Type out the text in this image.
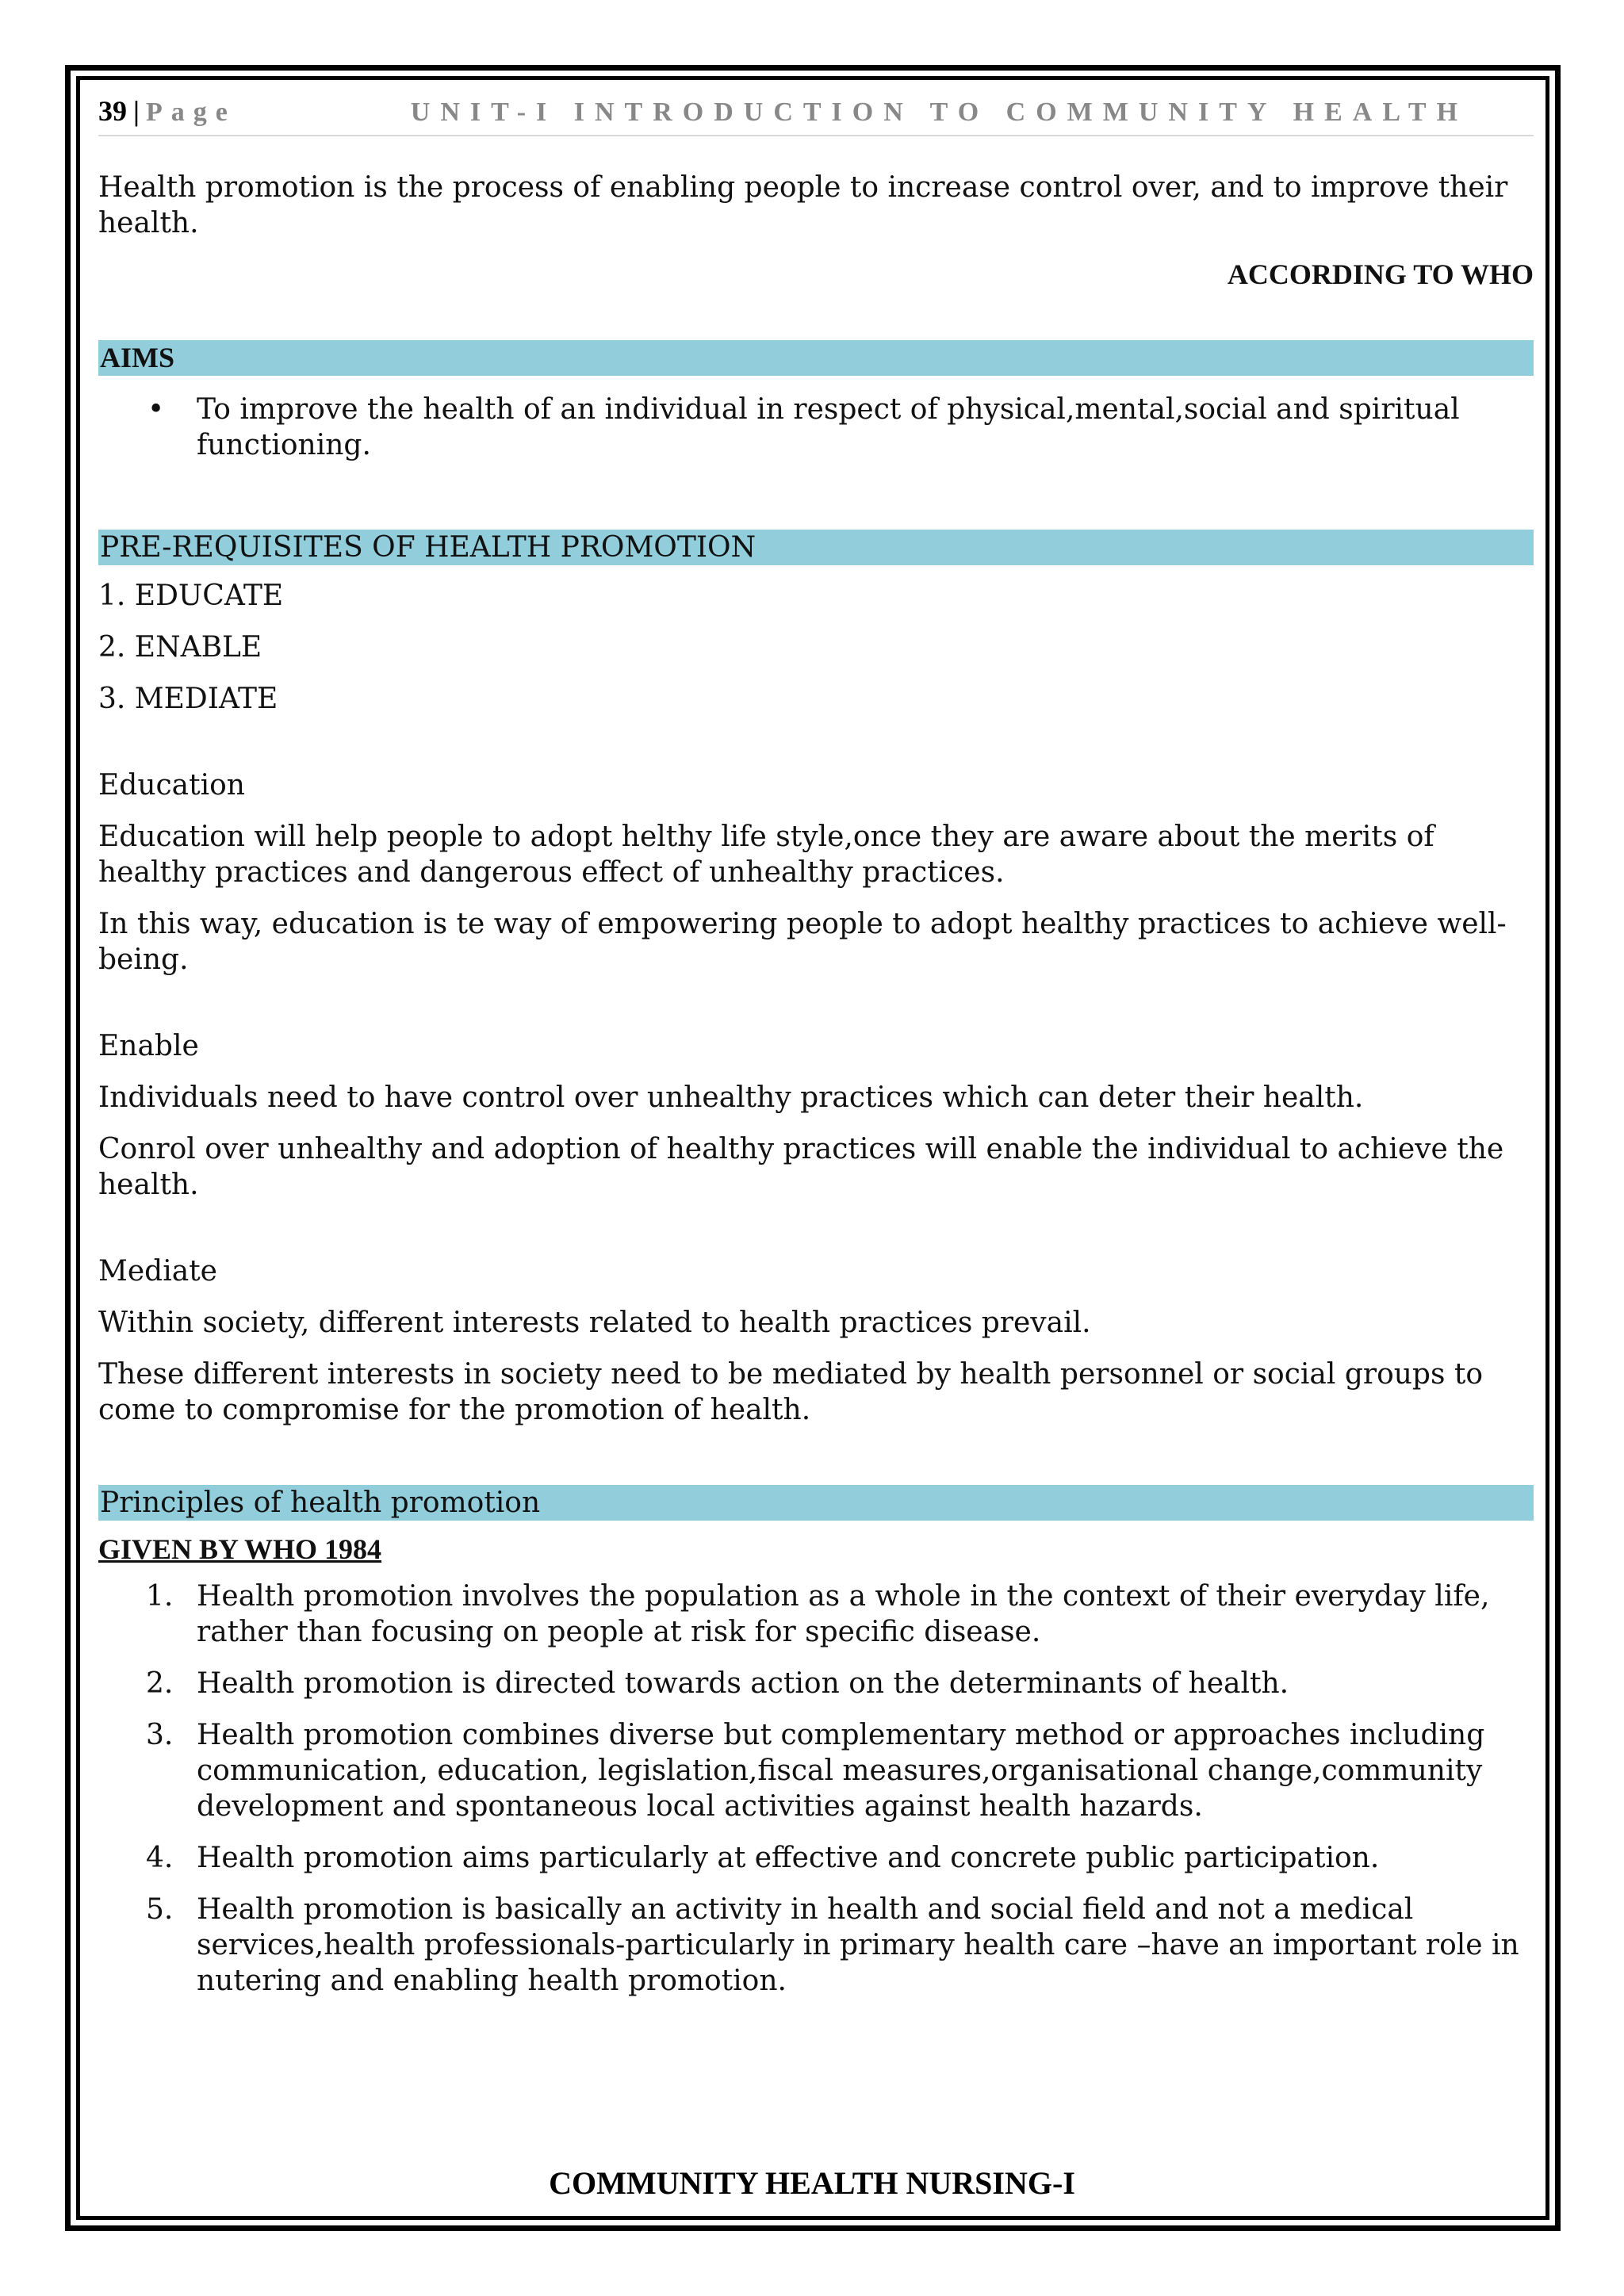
39 | Page	UNIT-I INTRODUCTION TO COMMUNITY HEALTH

Health promotion is the process of enabling people to increase control over, and to improve their health.

ACCORDING TO WHO
AIMS
• To improve the health of an individual in respect of physical,mental,social and spiritual functioning.
PRE-REQUISITES OF HEALTH PROMOTION
1. EDUCATE
2. ENABLE
3. MEDIATE

Education

Education will help people to adopt helthy life style,once they are aware about the merits of healthy practices and dangerous effect of unhealthy practices.

In this way, education is te way of empowering people to adopt healthy practices to achieve well-being.

Enable

Individuals need to have control over unhealthy practices which can deter their health.

Conrol over unhealthy and adoption of healthy practices will enable the individual to achieve the health.

Mediate

Within society, different interests related to health practices prevail.

These different interests in society need to be mediated by health personnel or social groups to come to compromise for the promotion of health.

Principles of health promotion
GIVEN BY WHO 1984
1. Health promotion involves the population as a whole in the context of their everyday life, rather than focusing on people at risk for specific disease.
2. Health promotion is directed towards action on the determinants of health.
3. Health promotion combines diverse but complementary method or approaches including communication, education, legislation,fiscal measures,organisational change,community development and spontaneous local activities against health hazards.
4. Health promotion aims particularly at effective and concrete public participation.
5. Health promotion is basically an activity in health and social field and not a medical services,health professionals-particularly in primary health care –have an important role in nutering and enabling health promotion.
COMMUNITY HEALTH NURSING-I
